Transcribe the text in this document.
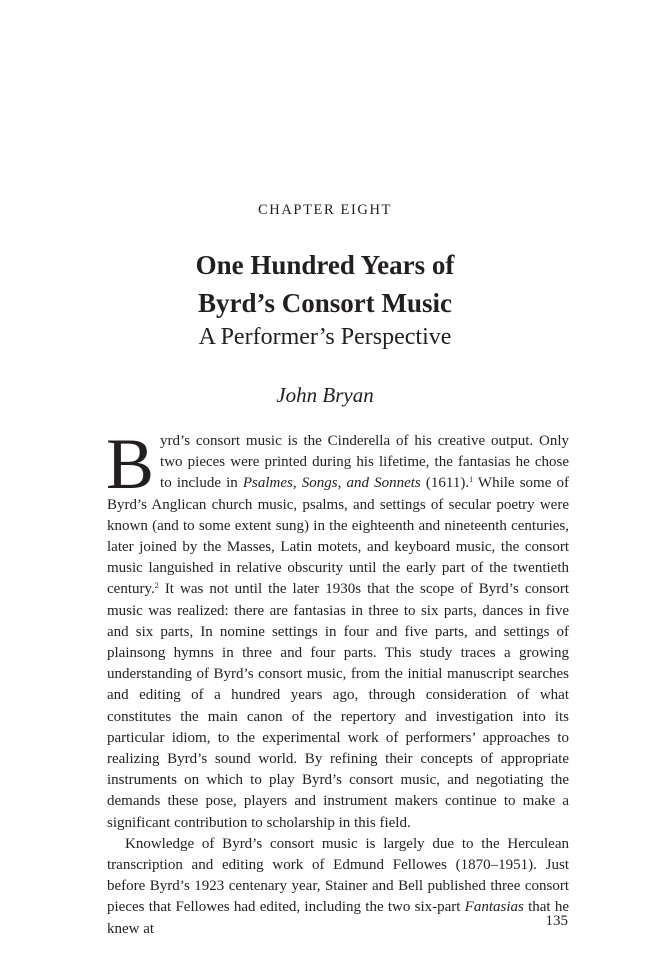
CHAPTER EIGHT
One Hundred Years of
Byrd’s Consort Music
A Performer’s Perspective
John Bryan

Byrd’s consort music is the Cinderella of his creative output. Only two pieces were printed during his lifetime, the fantasias he chose to include in Psalmes, Songs, and Sonnets (1611).$^1$ While some of Byrd’s Anglican church music, psalms, and settings of secular poetry were known (and to some extent sung) in the eighteenth and nineteenth centuries, later joined by the Masses, Latin motets, and keyboard music, the consort music languished in relative obscurity until the early part of the twentieth century.$^2$ It was not until the later 1930s that the scope of Byrd’s consort music was realized: there are fantasias in three to six parts, dances in five and six parts, In nomine settings in four and five parts, and settings of plainsong hymns in three and four parts. This study traces a growing understanding of Byrd’s consort music, from the initial manuscript searches and editing of a hundred years ago, through consideration of what constitutes the main canon of the repertory and investigation into its particular idiom, to the experimental work of performers’ approaches to realizing Byrd’s sound world. By refining their concepts of appropriate instruments on which to play Byrd’s consort music, and negotiating the demands these pose, players and instrument makers continue to make a significant contribution to scholarship in this field.

Knowledge of Byrd’s consort music is largely due to the Herculean transcription and editing work of Edmund Fellowes (1870–1951). Just before Byrd’s 1923 centenary year, Stainer and Bell published three consort pieces that Fellowes had edited, including the two six-part Fantasias that he knew at	135
